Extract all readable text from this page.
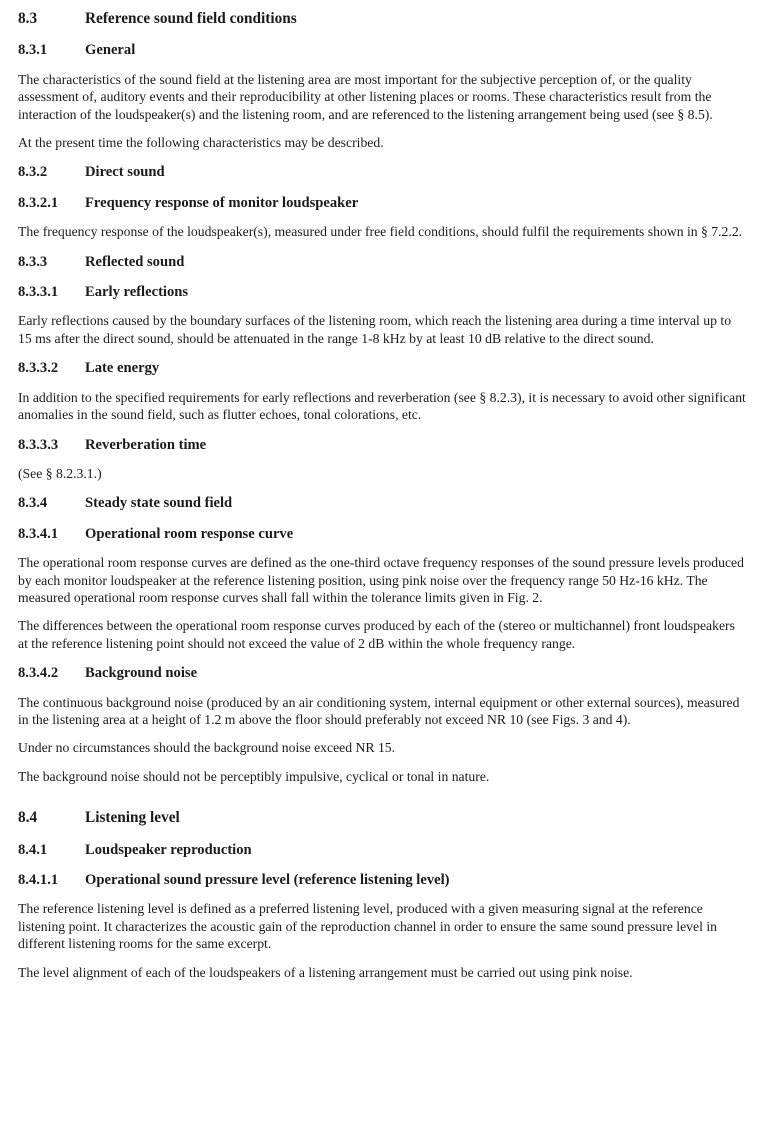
8.3	Reference sound field conditions
8.3.1	General

The characteristics of the sound field at the listening area are most important for the subjective perception of, or the quality assessment of, auditory events and their reproducibility at other listening places or rooms. These characteristics result from the interaction of the loudspeaker(s) and the listening room, and are referenced to the listening arrangement being used (see § 8.5).

At the present time the following characteristics may be described.

8.3.2	Direct sound
8.3.2.1	Frequency response of monitor loudspeaker

The frequency response of the loudspeaker(s), measured under free field conditions, should fulfil the requirements shown in § 7.2.2.

8.3.3	Reflected sound
8.3.3.1	Early reflections

Early reflections caused by the boundary surfaces of the listening room, which reach the listening area during a time interval up to 15 ms after the direct sound, should be attenuated in the range 1-8 kHz by at least 10 dB relative to the direct sound.

8.3.3.2	Late energy

In addition to the specified requirements for early reflections and reverberation (see § 8.2.3), it is necessary to avoid other significant anomalies in the sound field, such as flutter echoes, tonal colorations, etc.

8.3.3.3	Reverberation time

(See § 8.2.3.1.)

8.3.4	Steady state sound field
8.3.4.1	Operational room response curve

The operational room response curves are defined as the one-third octave frequency responses of the sound pressure levels produced by each monitor loudspeaker at the reference listening position, using pink noise over the frequency range 50 Hz-16 kHz. The measured operational room response curves shall fall within the tolerance limits given in Fig. 2.

The differences between the operational room response curves produced by each of the (stereo or multichannel) front loudspeakers at the reference listening point should not exceed the value of 2 dB within the whole frequency range.

8.3.4.2	Background noise

The continuous background noise (produced by an air conditioning system, internal equipment or other external sources), measured in the listening area at a height of 1.2 m above the floor should preferably not exceed NR 10 (see Figs. 3 and 4).

Under no circumstances should the background noise exceed NR 15.

The background noise should not be perceptibly impulsive, cyclical or tonal in nature.

8.4	Listening level
8.4.1	Loudspeaker reproduction
8.4.1.1	Operational sound pressure level (reference listening level)

The reference listening level is defined as a preferred listening level, produced with a given measuring signal at the reference listening point. It characterizes the acoustic gain of the reproduction channel in order to ensure the same sound pressure level in different listening rooms for the same excerpt.

The level alignment of each of the loudspeakers of a listening arrangement must be carried out using pink noise.
